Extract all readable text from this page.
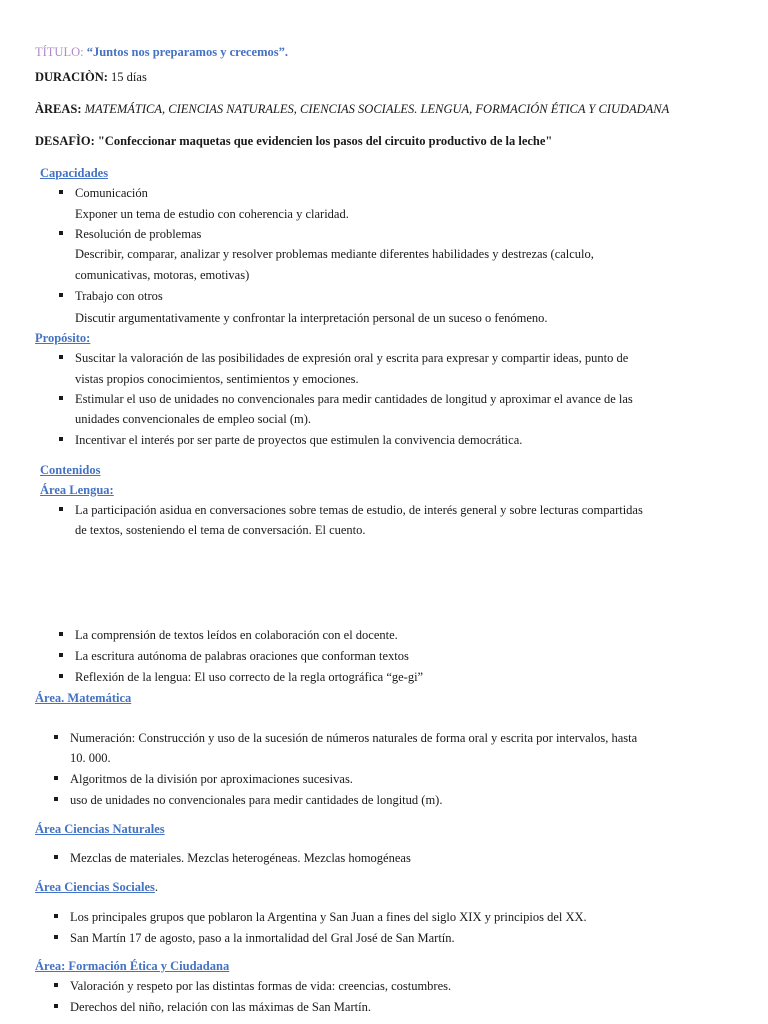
TÍTULO: “Juntos nos preparamos y crecemos”.
DURACIÒN: 15 días
ÀREAS: MATEMÁTICA, CIENCIAS NATURALES, CIENCIAS SOCIALES. LENGUA, FORMACIÓN ÉTICA Y CIUDADANA
DESAFÌO: "Confeccionar maquetas que evidencien los pasos del circuito productivo de la leche"
Capacidades
Comunicación
Exponer un tema de estudio con coherencia y claridad.
Resolución de problemas
Describir, comparar, analizar y resolver problemas mediante diferentes habilidades y destrezas (calculo,
comunicativas, motoras, emotivas)
Trabajo con otros
Discutir argumentativamente y confrontar la interpretación personal de un suceso o fenómeno.
Propósito:
Suscitar la valoración de las posibilidades de expresión oral y escrita para expresar y compartir ideas, punto de
vistas propios conocimientos, sentimientos y emociones.
Estimular el uso de unidades no convencionales para medir cantidades de longitud y aproximar el avance de las
unidades convencionales de empleo social (m).
Incentivar el interés por ser parte de proyectos que estimulen la convivencia democrática.
Contenidos
Área Lengua:
La participación asidua en conversaciones sobre temas de estudio, de interés general y sobre lecturas compartidas
de textos, sosteniendo el tema de conversación. El cuento.
La comprensión de textos leídos en colaboración con el docente.
La escritura autónoma de palabras oraciones que conforman textos
Reflexión de la lengua: El uso correcto de la regla ortográfica “ge-gi”
Área. Matemática
Numeración: Construcción y uso de la sucesión de números naturales de forma oral y escrita por intervalos, hasta
10. 000.
Algoritmos de la división por aproximaciones sucesivas.
uso de unidades no convencionales para medir cantidades de longitud (m).
Área Ciencias Naturales
Mezclas de materiales. Mezclas heterogéneas. Mezclas homogéneas
Área Ciencias Sociales.
Los principales grupos que poblaron la Argentina y San Juan a fines del siglo XIX y principios del XX.
San Martín 17 de agosto, paso a la inmortalidad del Gral José de San Martín.
Área: Formación Ética y Ciudadana
Valoración y respeto por las distintas formas de vida: creencias, costumbres.
Derechos del niño, relación con las máximas de San Martín.
